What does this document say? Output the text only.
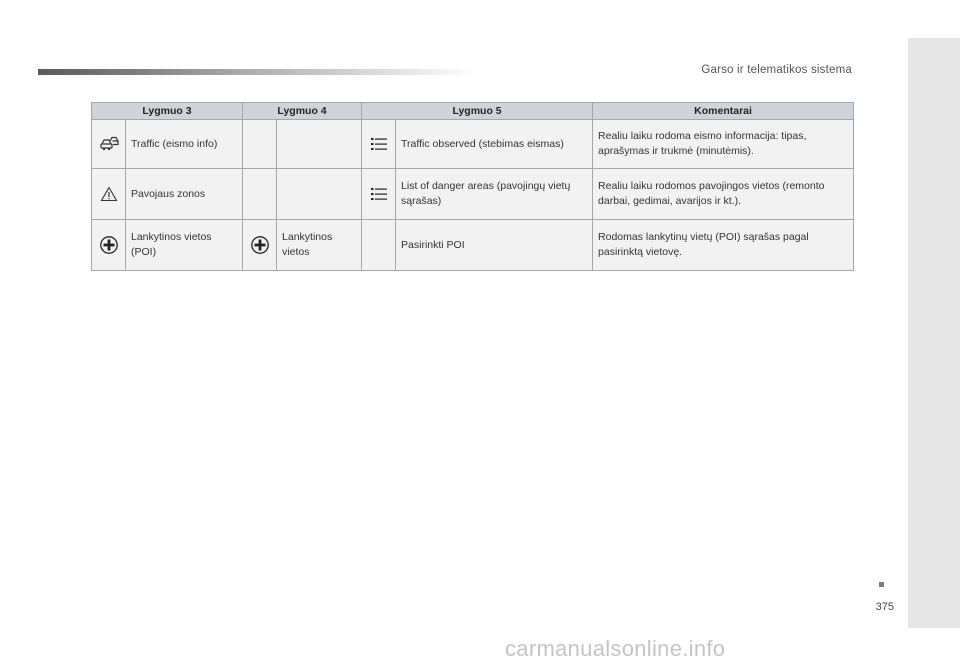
Garso ir telematikos sistema
Lygmuo 3		Lygmuo 4		Lygmuo 5		Komentarai

	Traffic (eismo info)				Traffic observed (stebimas eismas)	Realiu laiku rodoma eismo informacija: tipas, aprašymas ir trukmė (minutėmis).

	Pavojaus zonos				List of danger areas (pavojingų vietų sąrašas)	Realiu laiku rodomos pavojingos vietos (remonto darbai, gedimai, avarijos ir kt.).

	Lankytinos vietos (POI)		Lankytinos vietos		Pasirinkti POI	Rodomas lankytinų vietų (POI) sąrašas pagal pasirinktą vietovę.
375
carmanualsonline.info
